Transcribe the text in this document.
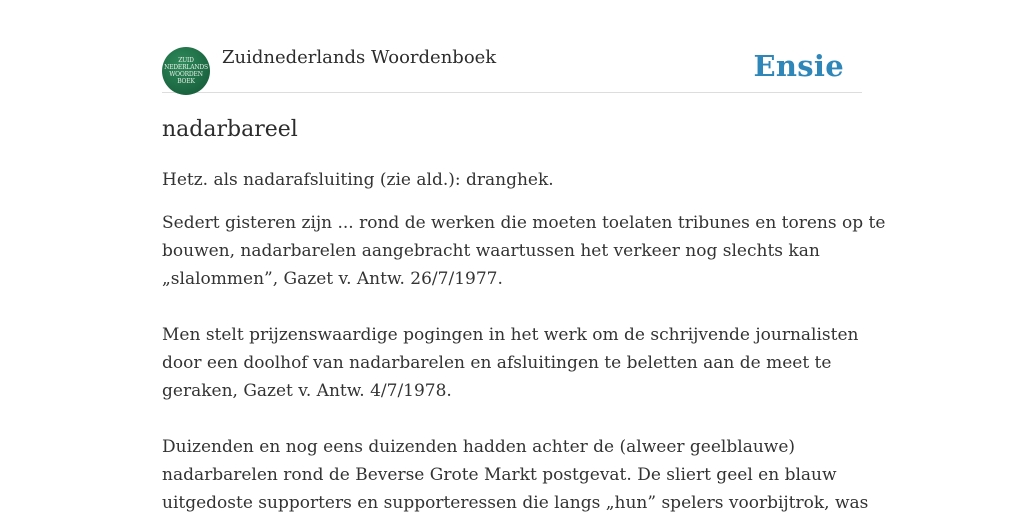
ZUID
NEDERLANDS
WOORDEN
BOEK
Zuidnederlands Woordenboek	Ensie
nadarbareel

Hetz. als nadarafsluiting (zie ald.): dranghek.

Sedert gisteren zijn ... rond de werken die moeten toelaten tribunes en torens op te
bouwen, nadarbarelen aangebracht waartussen het verkeer nog slechts kan
„slalommen”, Gazet v. Antw. 26/7/1977.

Men stelt prijzenswaardige pogingen in het werk om de schrijvende journalisten
door een doolhof van nadarbarelen en afsluitingen te beletten aan de meet te
geraken, Gazet v. Antw. 4/7/1978.

Duizenden en nog eens duizenden hadden achter de (alweer geelblauwe)
nadarbarelen rond de Beverse Grote Markt postgevat. De sliert geel en blauw
uitgedoste supporters en supporteressen die langs „hun” spelers voorbijtrok, was
